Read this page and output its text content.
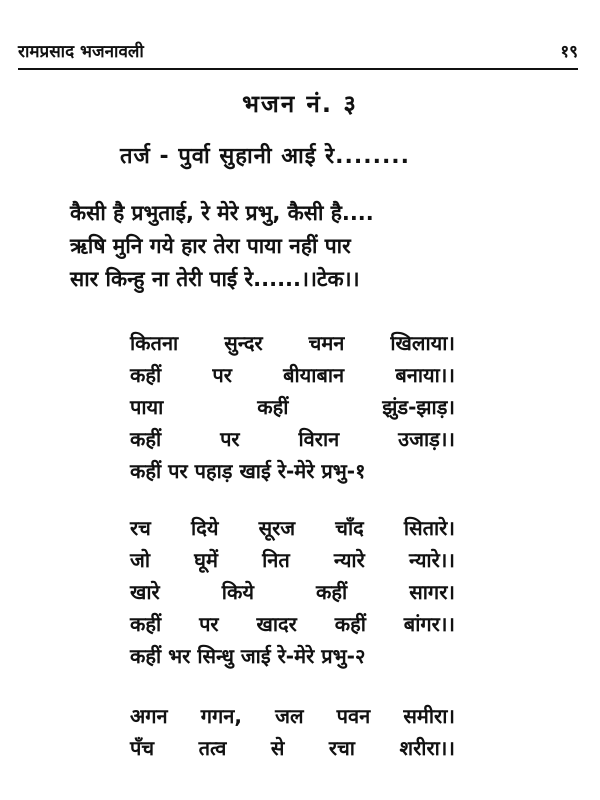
रामप्रसाद भजनावली	१९
भजन नं. ३
तर्ज - पुर्वा सुहानी आई रे........
कैसी है प्रभुताई, रे मेरे प्रभु, कैसी है....
ऋषि मुनि गये हार तेरा पाया नहीं पार
सार किन्हु ना तेरी पाई रे......।।टेक।।
कितना सुन्दर चमन खिलाया।
कहीं	पर	बीयाबान	बनाया।।
पाया	कहीं	झुंड-झाड़।
कहीं	पर	विरान	उजाड़।।
कहीं पर पहाड़ खाई रे-मेरे प्रभु-१
रच दिये सूरज चाँद सितारे।
जो घूमें नित न्यारे न्यारे।।
खारे	किये	कहीं	सागर।
कहीं पर खादर कहीं बांगर।।
कहीं भर सिन्धु जाई रे-मेरे प्रभु-२
अगन गगन, जल पवन समीरा।
पँच तत्व से रचा शरीरा।।
